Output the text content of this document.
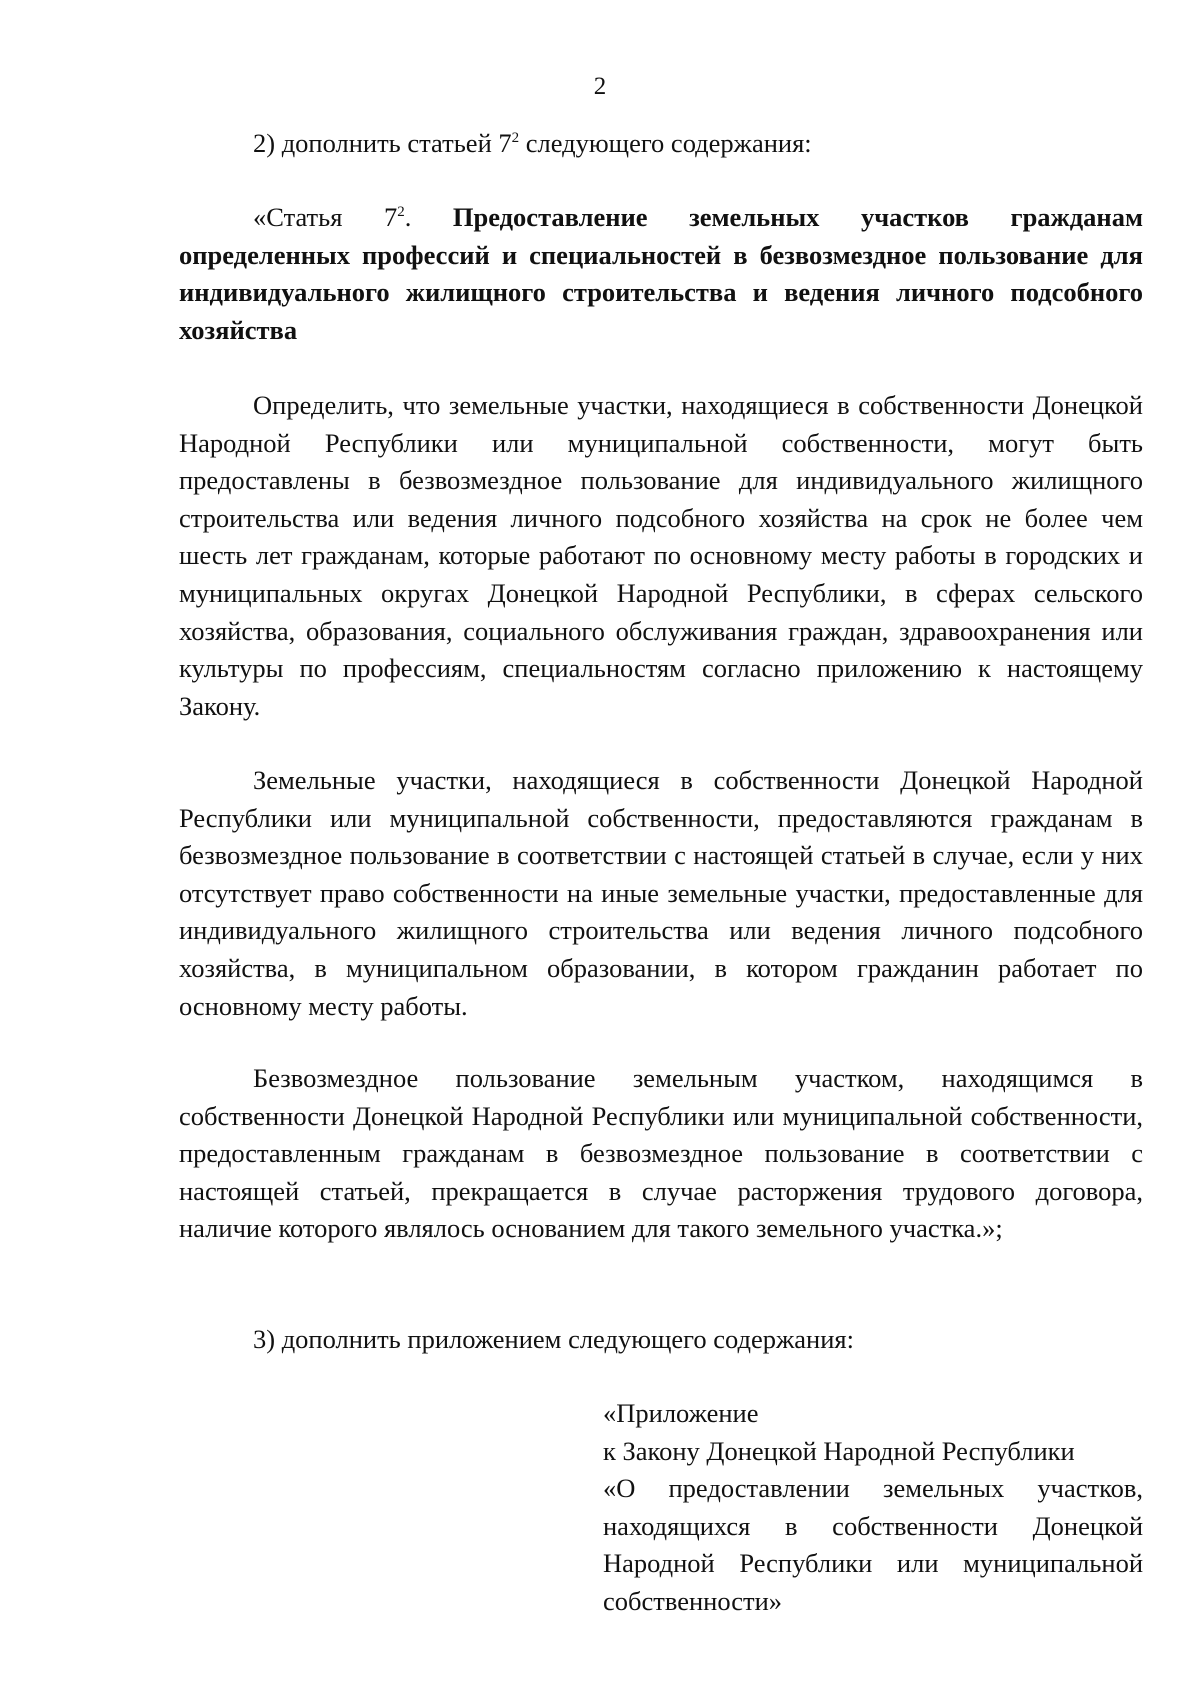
2
2) дополнить статьей $7^2$ следующего содержания:
«Статья $7^2$. Предоставление земельных участков гражданам определенных профессий и специальностей в безвозмездное пользование для индивидуального жилищного строительства и ведения личного подсобного хозяйства
Определить, что земельные участки, находящиеся в собственности Донецкой Народной Республики или муниципальной собственности, могут быть предоставлены в безвозмездное пользование для индивидуального жилищного строительства или ведения личного подсобного хозяйства на срок не более чем шесть лет гражданам, которые работают по основному месту работы в городских и муниципальных округах Донецкой Народной Республики, в сферах сельского хозяйства, образования, социального обслуживания граждан, здравоохранения или культуры по профессиям, специальностям согласно приложению к настоящему Закону.
Земельные участки, находящиеся в собственности Донецкой Народной Республики или муниципальной собственности, предоставляются гражданам в безвозмездное пользование в соответствии с настоящей статьей в случае, если у них отсутствует право собственности на иные земельные участки, предоставленные для индивидуального жилищного строительства или ведения личного подсобного хозяйства, в муниципальном образовании, в котором гражданин работает по основному месту работы.
Безвозмездное пользование земельным участком, находящимся в собственности Донецкой Народной Республики или муниципальной собственности, предоставленным гражданам в безвозмездное пользование в соответствии с настоящей статьей, прекращается в случае расторжения трудового договора, наличие которого являлось основанием для такого земельного участка.»;
3) дополнить приложением следующего содержания:
«Приложение
к Закону Донецкой Народной Республики
«О предоставлении земельных участков, находящихся в собственности Донецкой Народной Республики или муниципальной собственности»
